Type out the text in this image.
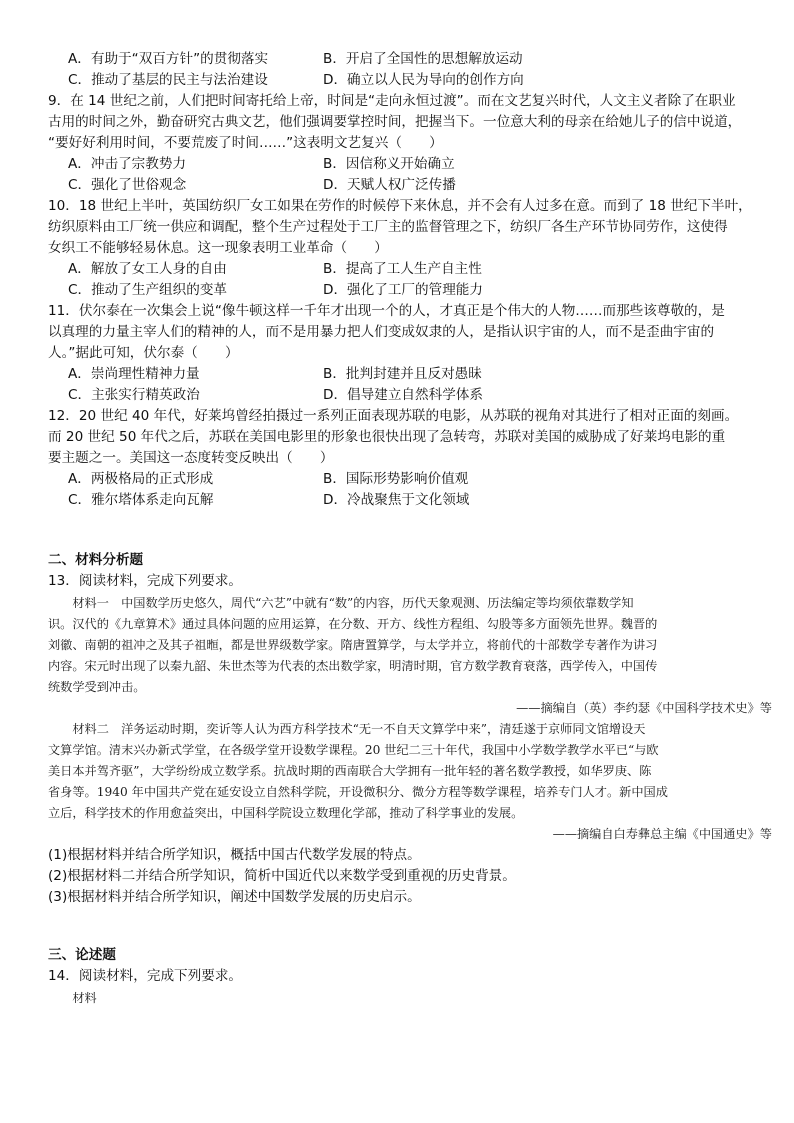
A．有助于“双百方针”的贯彻落实	B．开启了全国性的思想解放运动
C．推动了基层的民主与法治建设	D．确立以人民为导向的创作方向
9．在 14 世纪之前，人们把时间寄托给上帝，时间是“走向永恒过渡”。而在文艺复兴时代，人文主义者除了在职业
古用的时间之外，勤奋研究古典文艺，他们强调要掌控时间，把握当下。一位意大利的母亲在给她儿子的信中说道，
“要好好利用时间，不要荒废了时间……”这表明文艺复兴（　　）
A．冲击了宗教势力	B．因信称义开始确立
C．强化了世俗观念	D．天赋人权广泛传播
10．18 世纪上半叶，英国纺织厂女工如果在劳作的时候停下来休息，并不会有人过多在意。而到了 18 世纪下半叶，
纺织原料由工厂统一供应和调配，整个生产过程处于工厂主的监督管理之下，纺织厂各生产环节协同劳作，这使得
女织工不能够轻易休息。这一现象表明工业革命（　　）
A．解放了女工人身的自由	B．提高了工人生产自主性
C．推动了生产组织的变革	D．强化了工厂的管理能力
11．伏尔泰在一次集会上说“像牛顿这样一千年才出现一个的人，才真正是个伟大的人物……而那些该尊敬的，是
以真理的力量主宰人们的精神的人，而不是用暴力把人们变成奴隶的人，是指认识宇宙的人，而不是歪曲宇宙的
人。”据此可知，伏尔泰（　　）
A．崇尚理性精神力量	B．批判封建并且反对愚昧
C．主张实行精英政治	D．倡导建立自然科学体系
12．20 世纪 40 年代，好莱坞曾经拍摄过一系列正面表现苏联的电影，从苏联的视角对其进行了相对正面的刻画。
而 20 世纪 50 年代之后，苏联在美国电影里的形象也很快出现了急转弯，苏联对美国的威胁成了好莱坞电影的重
要主题之一。美国这一态度转变反映出（　　）
A．两极格局的正式形成	B．国际形势影响价值观
C．雅尔塔体系走向瓦解	D．冷战聚焦于文化领域
二、材料分析题
13．阅读材料，完成下列要求。
　　材料一　中国数学历史悠久，周代“六艺”中就有“数”的内容，历代天象观测、历法编定等均须依靠数学知
识。汉代的《九章算术》通过具体问题的应用运算，在分数、开方、线性方程组、勾股等多方面领先世界。魏晋的
刘徽、南朝的祖冲之及其子祖暅，都是世界级数学家。隋唐置算学，与太学并立，将前代的十部数学专著作为讲习
内容。宋元时出现了以秦九韶、朱世杰等为代表的杰出数学家，明清时期，官方数学教育衰落，西学传入，中国传
统数学受到冲击。
——摘编自（英）李约瑟《中国科学技术史》等
　　材料二　洋务运动时期，奕䜣等人认为西方科学技术“无一不自天文算学中来”，清廷遂于京师同文馆增设天
文算学馆。清末兴办新式学堂，在各级学堂开设数学课程。20 世纪二三十年代，我国中小学数学教学水平已“与欧
美日本并驾齐驱”，大学纷纷成立数学系。抗战时期的西南联合大学拥有一批年轻的著名数学教授，如华罗庚、陈
省身等。1940 年中国共产党在延安设立自然科学院，开设微积分、微分方程等数学课程，培养专门人才。新中国成
立后，科学技术的作用愈益突出，中国科学院设立数理化学部，推动了科学事业的发展。
——摘编自白寿彝总主编《中国通史》等
(1)根据材料并结合所学知识，概括中国古代数学发展的特点。
(2)根据材料二并结合所学知识，简析中国近代以来数学受到重视的历史背景。
(3)根据材料并结合所学知识，阐述中国数学发展的历史启示。
三、论述题
14．阅读材料，完成下列要求。
　　材料
